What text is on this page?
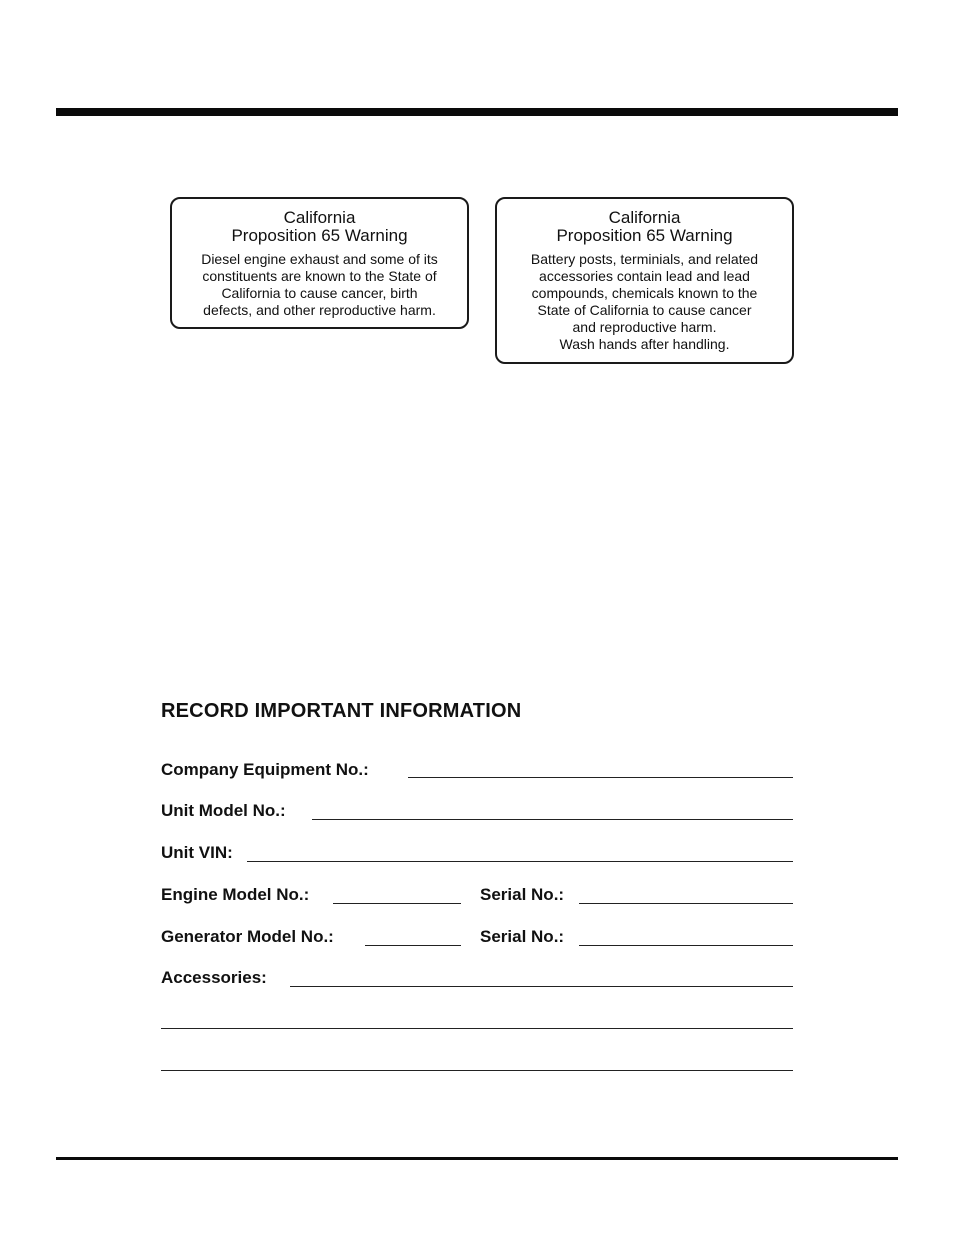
California
Proposition 65 Warning
Diesel engine exhaust and some of its
constituents are known to the State of
California to cause cancer, birth
defects, and other reproductive harm.
California
Proposition 65 Warning
Battery posts, terminials, and related
accessories contain lead and lead
compounds, chemicals known to the
State of California to cause cancer
and reproductive harm.
Wash hands after handling.
RECORD IMPORTANT INFORMATION
Company Equipment No.:
Unit Model No.:
Unit VIN:
Engine Model No.:	Serial No.:
Generator Model No.:	Serial No.:
Accessories:
